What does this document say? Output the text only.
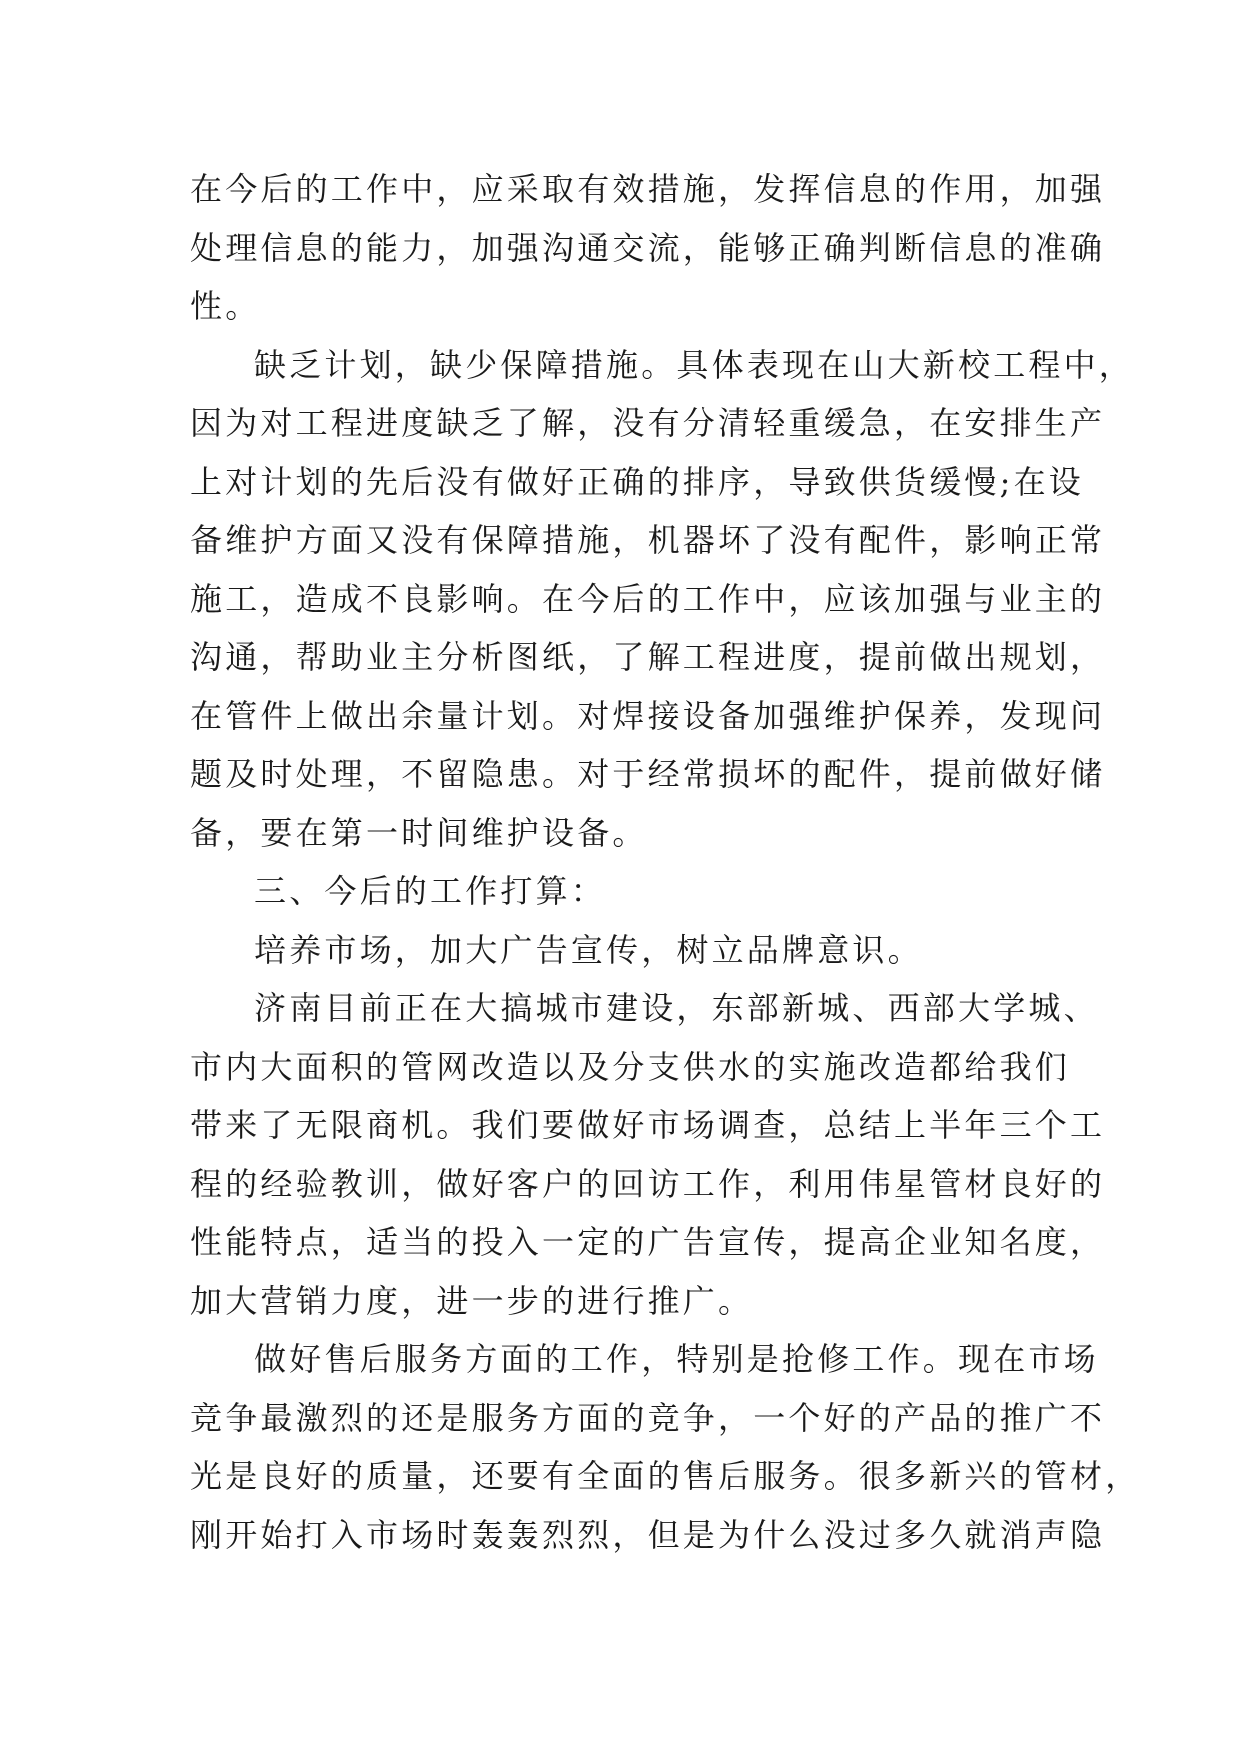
在今后的工作中，应采取有效措施，发挥信息的作用，加强
处理信息的能力，加强沟通交流，能够正确判断信息的准确
性。

缺乏计划，缺少保障措施。具体表现在山大新校工程中，
因为对工程进度缺乏了解，没有分清轻重缓急，在安排生产
上对计划的先后没有做好正确的排序，导致供货缓慢;在设
备维护方面又没有保障措施，机器坏了没有配件，影响正常
施工，造成不良影响。在今后的工作中，应该加强与业主的
沟通，帮助业主分析图纸，了解工程进度，提前做出规划，
在管件上做出余量计划。对焊接设备加强维护保养，发现问
题及时处理，不留隐患。对于经常损坏的配件，提前做好储
备，要在第一时间维护设备。

三、今后的工作打算：

培养市场，加大广告宣传，树立品牌意识。

济南目前正在大搞城市建设，东部新城、西部大学城、
市内大面积的管网改造以及分支供水的实施改造都给我们
带来了无限商机。我们要做好市场调查，总结上半年三个工
程的经验教训，做好客户的回访工作，利用伟星管材良好的
性能特点，适当的投入一定的广告宣传，提高企业知名度，
加大营销力度，进一步的进行推广。

做好售后服务方面的工作，特别是抢修工作。现在市场
竞争最激烈的还是服务方面的竞争，一个好的产品的推广不
光是良好的质量，还要有全面的售后服务。很多新兴的管材，
刚开始打入市场时轰轰烈烈，但是为什么没过多久就消声隐
